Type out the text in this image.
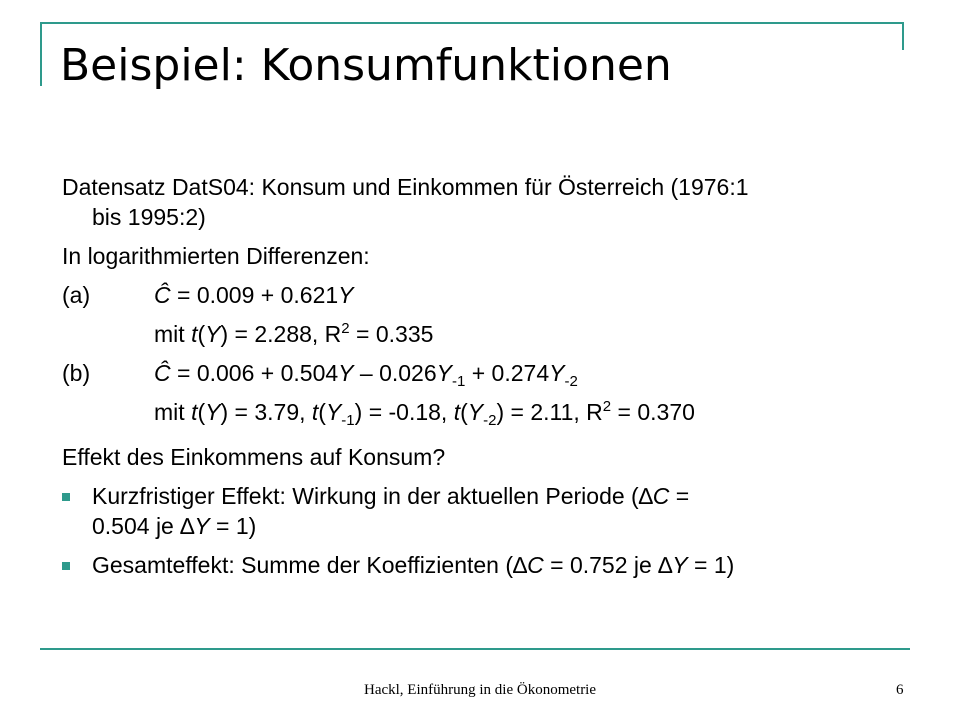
Beispiel: Konsumfunktionen
Datensatz DatS04: Konsum und Einkommen für Österreich (1976:1
bis 1995:2)
In logarithmierten Differenzen:
(a)	Ĉ = 0.009 + 0.621Y
mit t(Y) = 2.288, $R^2 = 0.335$
(b)	Ĉ = $0.006 + 0.504Y - 0.026Y_{-1} + 0.274Y_{-2}$
mit t(Y) = 3.79, $t(Y_{-1}) = -0.18$, $t(Y_{-2}) = 2.11$, $R^2 = 0.370$
Effekt des Einkommens auf Konsum?
Kurzfristiger Effekt: Wirkung in der aktuellen Periode (∆C =
0.504 je ∆Y = 1)
Gesamteffekt: Summe der Koeffizienten (∆C = 0.752 je ∆Y = 1)
Hackl, Einführung in die Ökonometrie	6
